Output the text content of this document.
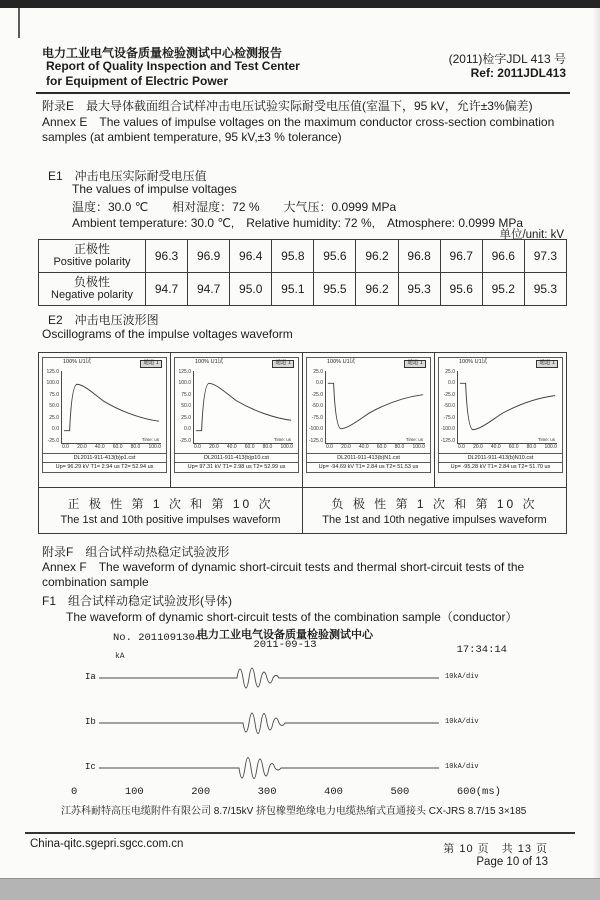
电力工业电气设备质量检验测试中心检测报告
Report of Quality Inspection and Test Center
for Equipment of Electric Power
(2011)检字JDL 413 号
Ref: 2011JDL413
附录E　最大导体截面组合试样冲击电压试验实际耐受电压值(室温下，95 kV，允许±3%偏差)
Annex E　The values of impulse voltages on the maximum conductor cross-section combination samples (at ambient temperature, 95 kV,±3 % tolerance)
E1　冲击电压实际耐受电压值
The values of impulse voltages
温度：30.0 ℃　　相对湿度：72 %　　大气压：0.0999 MPa
Ambient temperature: 30.0 ℃,　Relative humidity: 72 %,　Atmosphere: 0.0999 MPa
单位/unit: kV
正极性
Positive polarity	96.3	96.9	96.4	95.8	95.6	96.2	96.8	96.7	96.6	97.3

负极性
Negative polarity	94.7	94.7	95.0	95.1	95.5	96.2	95.3	95.6	95.2	95.3
E2　冲击电压波形图
Oscillograms of the impulse voltages waveform
100% U1试	通道 1
125.0
100.0
75.0
50.0
25.0
0.0
-25.0	Time: us
0.0 20.0 40.0 60.0 80.0 100.0
DL2011-911-413(b)p1.cst
Up= 96.29 kV T1= 2.94 us T2= 52.94 us

100% U1试	通道 1
125.0
100.0
75.0
50.0
25.0
0.0
-25.0	Time: us
0.0 20.0 40.0 60.0 80.0 100.0
DL2011-911-413(b)p10.cst
Up= 97.31 kV T1= 2.98 us T2= 52.99 us

100% U1试	通道 1
25.0
0.0
-25.0
-50.0
-75.0
-100.0
-125.0	Time: us
0.0 20.0 40.0 60.0 80.0 100.0
DL2011-911-413(b)N1.cst
Up= -94.69 kV T1= 2.84 us T2= 51.53 us

100% U1试	通道 1
25.0
0.0
-25.0
-50.0
-75.0
-100.0
-125.0	Time: us
0.0 20.0 40.0 60.0 80.0 100.0
DL2011-911-413(b)N10.cst
Up= -95.28 kV T1= 2.84 us T2= 51.70 us

正 极 性 第 1 次 和 第 10 次
The 1st and 10th positive impulses waveform

负 极 性 第 1 次 和 第 10 次
The 1st and 10th negative impulses waveform
附录F　组合试样动热稳定试验波形
Annex F　The waveform of dynamic short-circuit tests and thermal short-circuit tests of the combination sample
F1　组合试样动稳定试验波形(导体)
The waveform of dynamic short-circuit tests of the combination sample（conductor）
No. 2011091304
电力工业电气设备质量检验测试中心
2011-09-13	17:34:14
kA
Ia	10kA/div
Ib	10kA/div
Ic	10kA/div
0	100	200	300	400	500	600(ms)
江苏科耐特高压电缆附件有限公司 8.7/15kV 挤包橡塑绝缘电力电缆热缩式直通接头 CX-JRS 8.7/15 3×185
China-qitc.sgepri.sgcc.com.cn	第 10 页　共 13 页
Page 10 of 13
